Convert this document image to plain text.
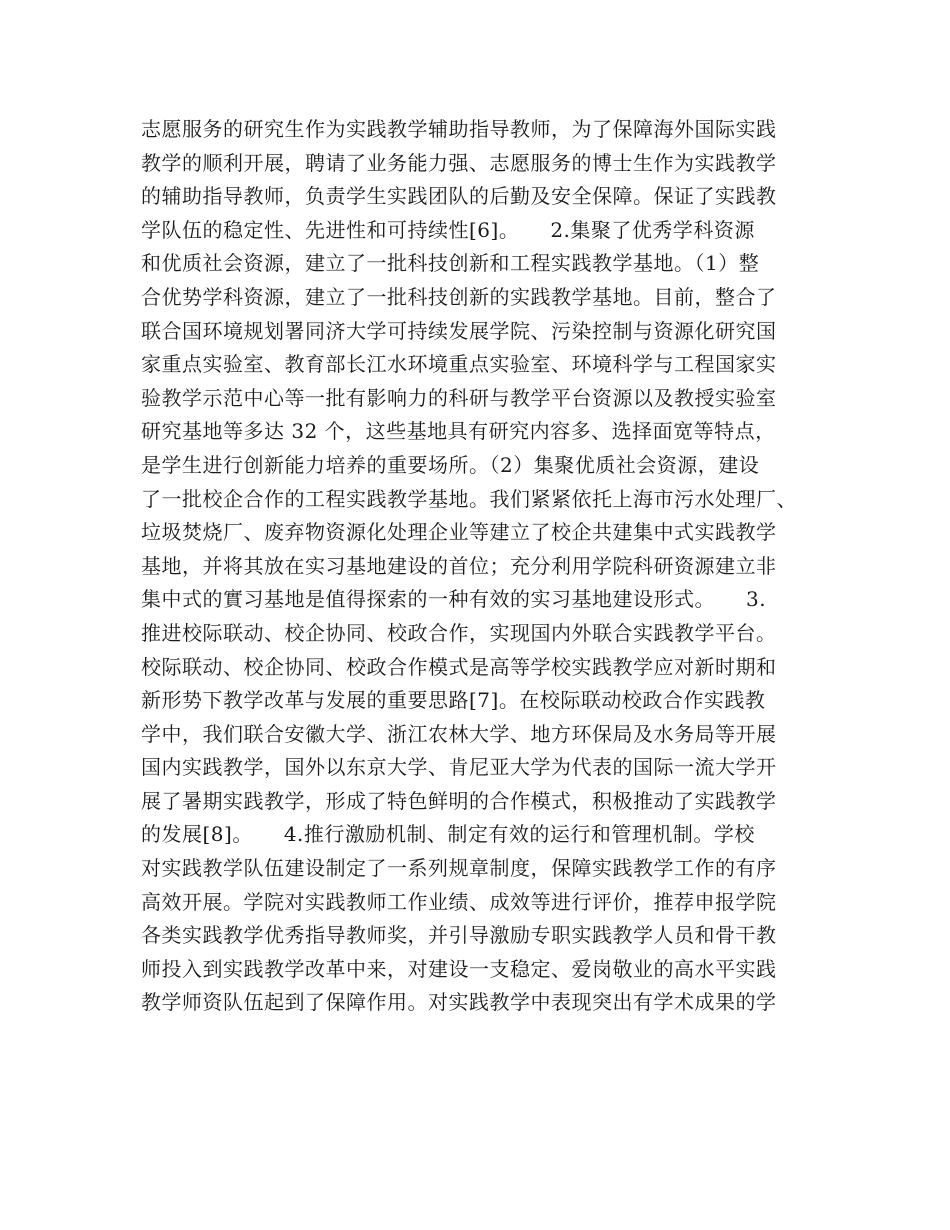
志愿服务的研究生作为实践教学辅助指导教师，为了保障海外国际实践
教学的顺利开展，聘请了业务能力强、志愿服务的博士生作为实践教学
的辅助指导教师，负责学生实践团队的后勤及安全保障。保证了实践教
学队伍的稳定性、先进性和可持续性[6]。　　2.集聚了优秀学科资源
和优质社会资源，建立了一批科技创新和工程实践教学基地。（1）整
合优势学科资源，建立了一批科技创新的实践教学基地。目前，整合了
联合国环境规划署同济大学可持续发展学院、污染控制与资源化研究国
家重点实验室、教育部长江水环境重点实验室、环境科学与工程国家实
验教学示范中心等一批有影响力的科研与教学平台资源以及教授实验室
研究基地等多达 32 个，这些基地具有研究内容多、选择面宽等特点，
是学生进行创新能力培养的重要场所。（2）集聚优质社会资源，建设
了一批校企合作的工程实践教学基地。我们紧紧依托上海市污水处理厂、
垃圾焚烧厂、废弃物资源化处理企业等建立了校企共建集中式实践教学
基地，并将其放在实习基地建设的首位；充分利用学院科研资源建立非
集中式的實习基地是值得探索的一种有效的实习基地建设形式。　　3.
推进校际联动、校企协同、校政合作，实现国内外联合实践教学平台。
校际联动、校企协同、校政合作模式是高等学校实践教学应对新时期和
新形势下教学改革与发展的重要思路[7]。在校际联动校政合作实践教
学中，我们联合安徽大学、浙江农林大学、地方环保局及水务局等开展
国内实践教学，国外以东京大学、肯尼亚大学为代表的国际一流大学开
展了暑期实践教学，形成了特色鲜明的合作模式，积极推动了实践教学
的发展[8]。　　4.推行激励机制、制定有效的运行和管理机制。学校
对实践教学队伍建设制定了一系列规章制度，保障实践教学工作的有序
高效开展。学院对实践教师工作业绩、成效等进行评价，推荐申报学院
各类实践教学优秀指导教师奖，并引导激励专职实践教学人员和骨干教
师投入到实践教学改革中来，对建设一支稳定、爱岗敬业的高水平实践
教学师资队伍起到了保障作用。对实践教学中表现突出有学术成果的学
